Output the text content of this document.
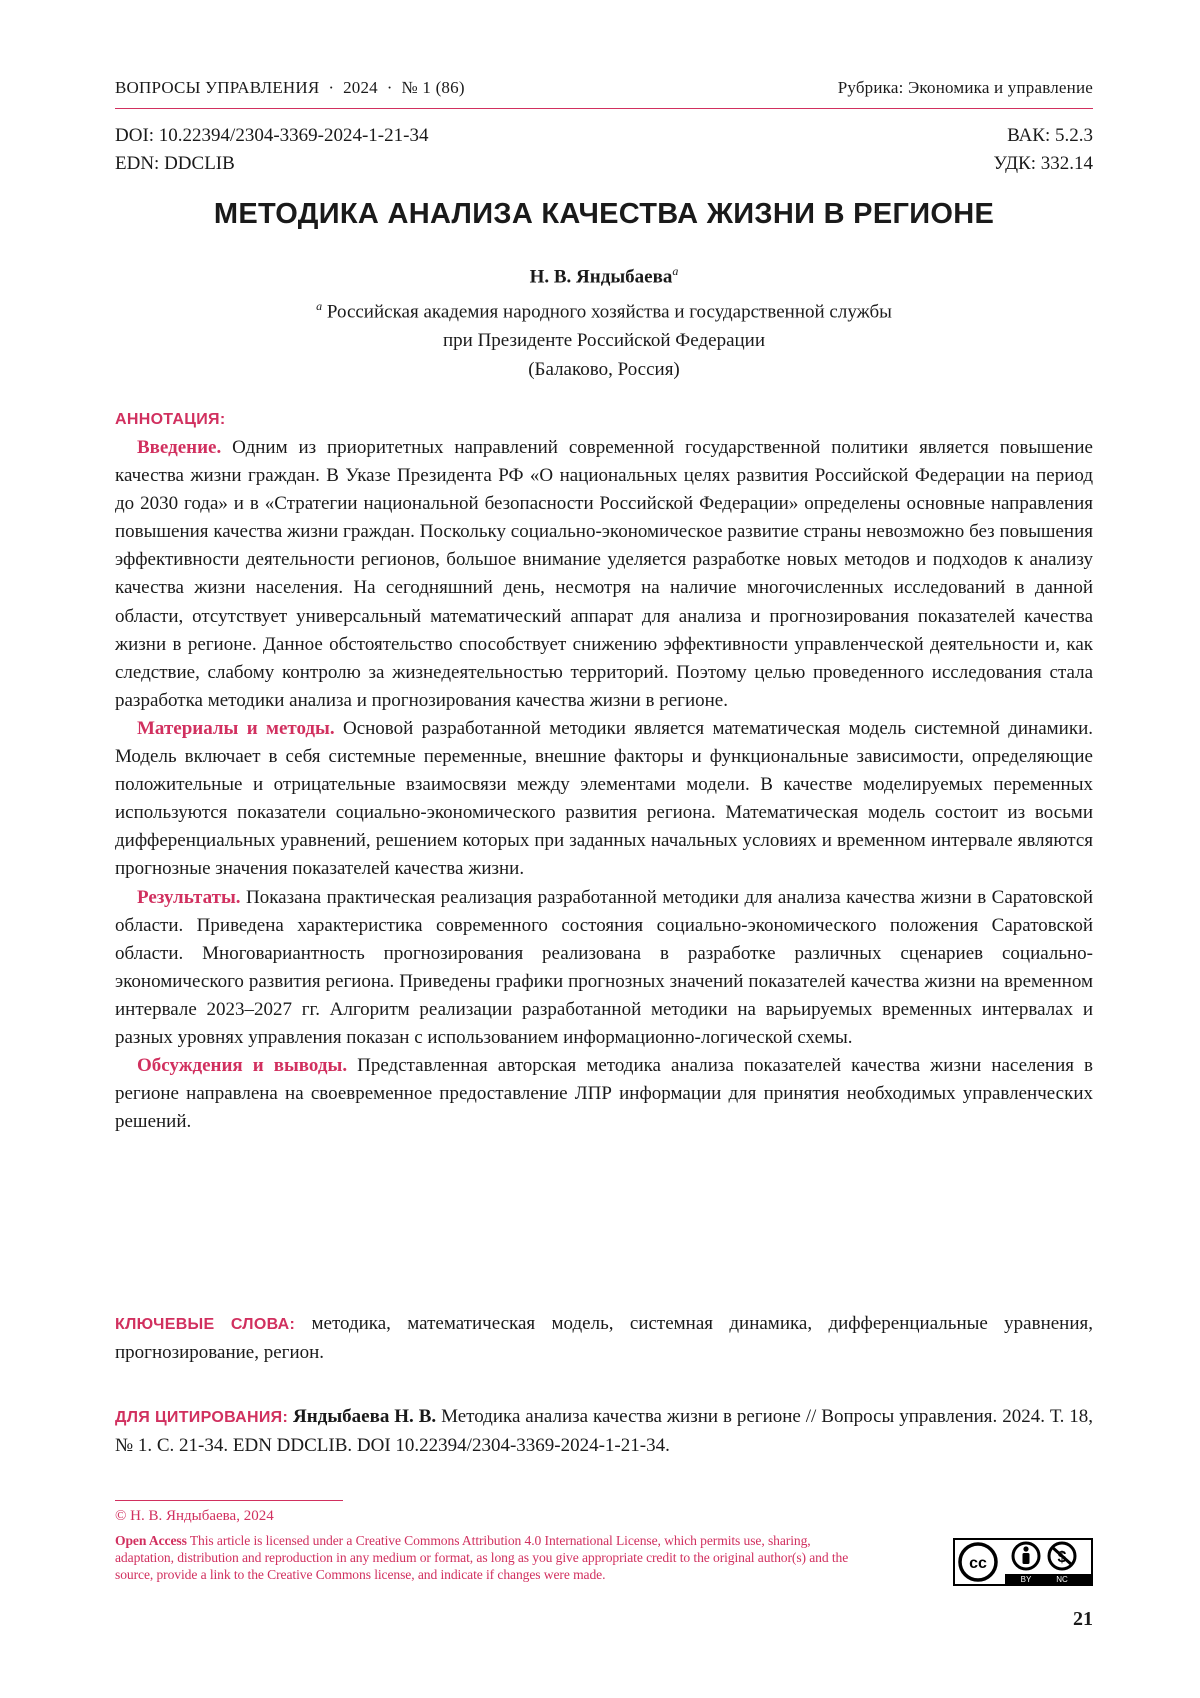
ВОПРОСЫ УПРАВЛЕНИЯ  ·  2024  ·  № 1 (86)	Рубрика: Экономика и управление
DOI: 10.22394/2304-3369-2024-1-21-34	ВАК: 5.2.3
EDN: DDCLIB	УДК: 332.14
МЕТОДИКА АНАЛИЗА КАЧЕСТВА ЖИЗНИ В РЕГИОНЕ
Н. В. Яндыбаеваa
a Российская академия народного хозяйства и государственной службы
при Президенте Российской Федерации
(Балаково, Россия)
АННОТАЦИЯ:

Введение. Одним из приоритетных направлений современной государственной политики является повышение качества жизни граждан. В Указе Президента РФ «О национальных целях развития Российской Федерации на период до 2030 года» и в «Стратегии национальной безопасности Российской Федерации» определены основные направления повышения качества жизни граждан. Поскольку социально-экономическое развитие страны невозможно без повышения эффективности деятельности регионов, большое внимание уделяется разработке новых методов и подходов к анализу качества жизни населения. На сегодняшний день, несмотря на наличие многочисленных исследований в данной области, отсутствует универсальный математический аппарат для анализа и прогнозирования показателей качества жизни в регионе. Данное обстоятельство способствует снижению эффективности управленческой деятельности и, как следствие, слабому контролю за жизнедеятельностью территорий. Поэтому целью проведенного исследования стала разработка методики анализа и прогнозирования качества жизни в регионе.

Материалы и методы. Основой разработанной методики является математическая модель системной динамики. Модель включает в себя системные переменные, внешние факторы и функциональные зависимости, определяющие положительные и отрицательные взаимосвязи между элементами модели. В качестве моделируемых переменных используются показатели социально-экономического развития региона. Математическая модель состоит из восьми дифференциальных уравнений, решением которых при заданных начальных условиях и временном интервале являются прогнозные значения показателей качества жизни.

Результаты. Показана практическая реализация разработанной методики для анализа качества жизни в Саратовской области. Приведена характеристика современного состояния социально-экономического положения Саратовской области. Многовариантность прогнозирования реализована в разработке различных сценариев социально-экономического развития региона. Приведены графики прогнозных значений показателей качества жизни на временном интервале 2023–2027 гг. Алгоритм реализации разработанной методики на варьируемых временных интервалах и разных уровнях управления показан с использованием информационно-логической схемы.

Обсуждения и выводы. Представленная авторская методика анализа показателей качества жизни населения в регионе направлена на своевременное предоставление ЛПР информации для принятия необходимых управленческих решений.

КЛЮЧЕВЫЕ СЛОВА: методика, математическая модель, системная динамика, дифференциальные уравнения, прогнозирование, регион.
ДЛЯ ЦИТИРОВАНИЯ: Яндыбаева Н. В. Методика анализа качества жизни в регионе // Вопросы управления. 2024. Т. 18, № 1. С. 21-34. EDN DDCLIB. DOI 10.22394/2304-3369-2024-1-21-34.
© Н. В. Яндыбаева, 2024
Open Access This article is licensed under a Creative Commons Attribution 4.0 International License, which permits use, sharing, adaptation, distribution and reproduction in any medium or format, as long as you give appropriate credit to the original author(s) and the source, provide a link to the Creative Commons license, and indicate if changes were made.
cc
BY	NC
21
